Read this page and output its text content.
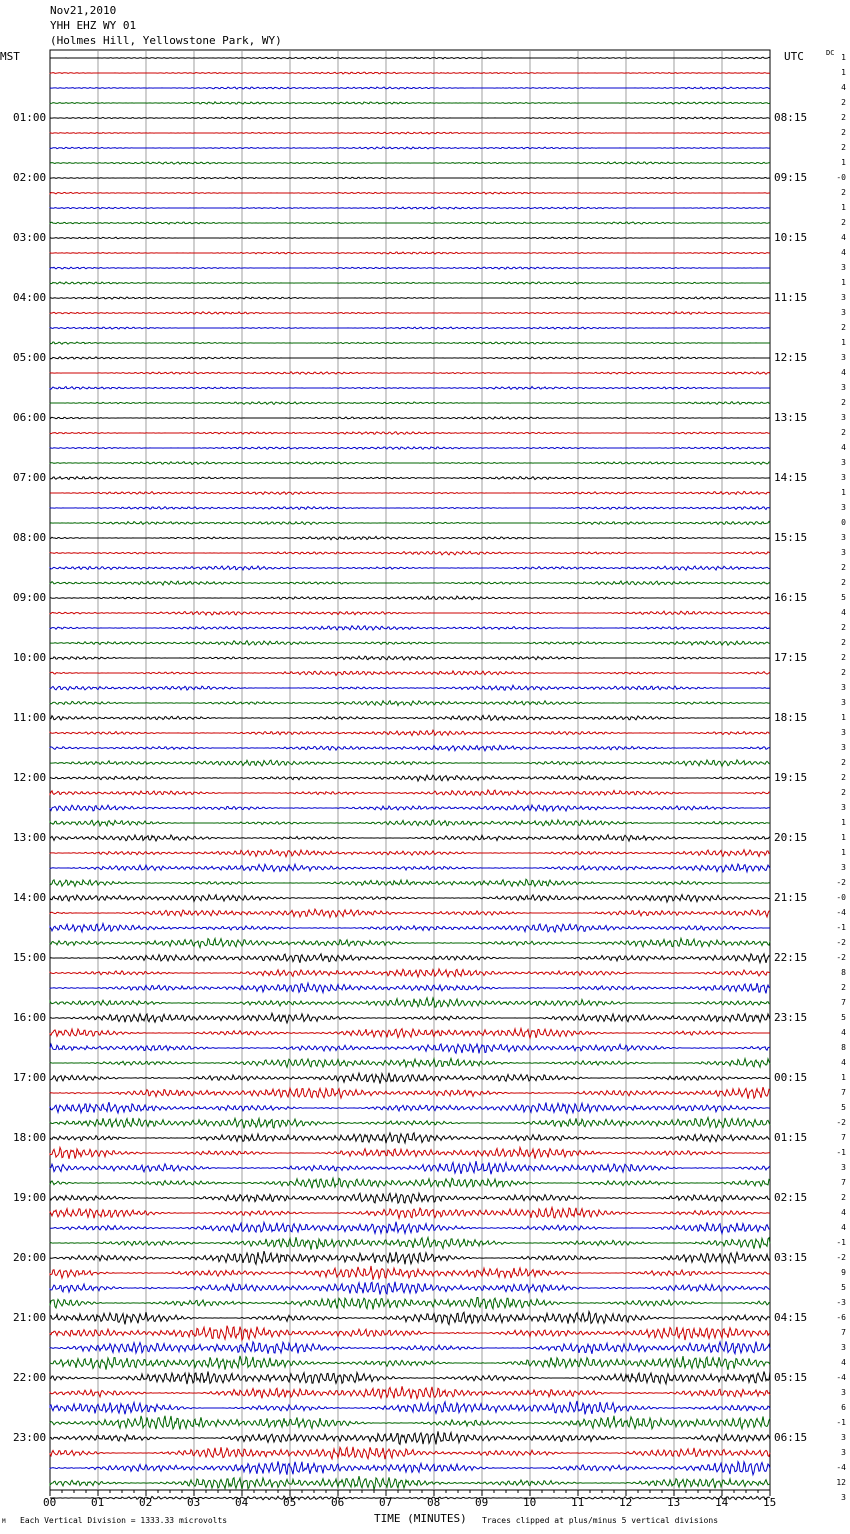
Nov21,2010
YHH EHZ WY 01
(Holmes Hill, Yellowstone Park, WY)
MST	UTC	DC
00	01	02	03	04	05	06	07	08	09	10	11	12	13	14	15
01:00
02:00
03:00
04:00
05:00
06:00
07:00
08:00
09:00
10:00
11:00
12:00
13:00
14:00
15:00
16:00
17:00
18:00
19:00
20:00
21:00
22:00
23:00
08:15
09:15
10:15
11:15
12:15
13:15
14:15
15:15
16:15
17:15
18:15
19:15
20:15
21:15
22:15
23:15
00:15
01:15
02:15
03:15
04:15
05:15
06:15
1
1
4
2
2
2
2
1
-0
2
1
2
4
4
3
1
3
3
2
1
3
4
3
2
3
2
4
3
3
1
3
0
3
3
2
2
5
4
2
2
2
2
3
3
1
3
3
2
2
2
3
1
1
1
3
-2
-0
-4
-1
-2
-2
8
2
7
5
4
8
4
1
7
5
-2
7
-1
3
7
2
4
4
-1
-2
9
5
-3
-6
7
3
4
-4
3
6
-1
3
3
-4
12
3
M Each Vertical Division = 1333.33 microvolts	TIME (MINUTES) Traces clipped at plus/minus 5 vertical divisions
